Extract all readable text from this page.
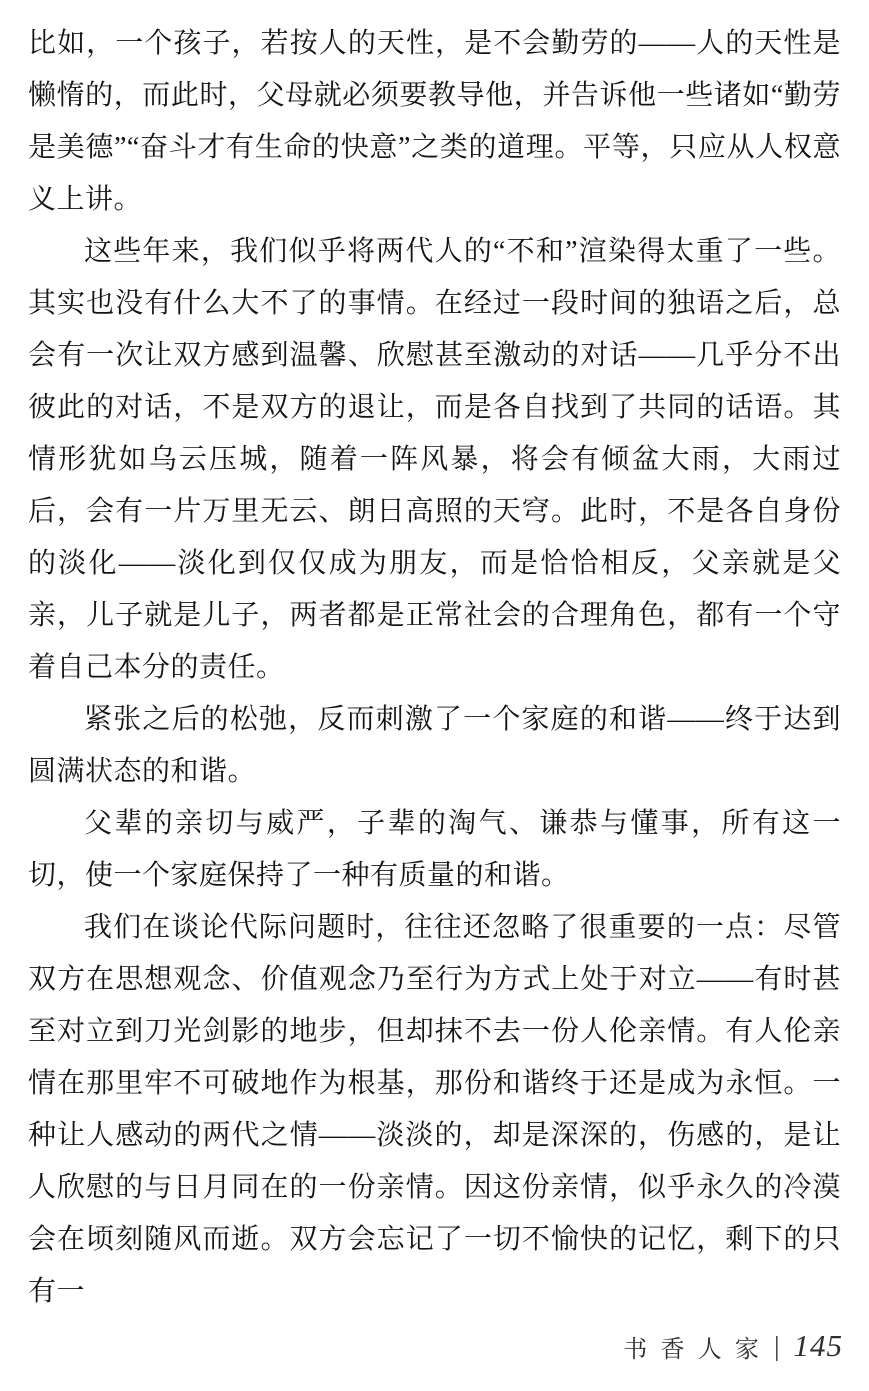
比如，一个孩子，若按人的天性，是不会勤劳的——人的天性是懒惰的，而此时，父母就必须要教导他，并告诉他一些诸如“勤劳是美德”“奋斗才有生命的快意”之类的道理。平等，只应从人权意义上讲。

这些年来，我们似乎将两代人的“不和”渲染得太重了一些。其实也没有什么大不了的事情。在经过一段时间的独语之后，总会有一次让双方感到温馨、欣慰甚至激动的对话——几乎分不出彼此的对话，不是双方的退让，而是各自找到了共同的话语。其情形犹如乌云压城，随着一阵风暴，将会有倾盆大雨，大雨过后，会有一片万里无云、朗日高照的天穹。此时，不是各自身份的淡化——淡化到仅仅成为朋友，而是恰恰相反，父亲就是父亲，儿子就是儿子，两者都是正常社会的合理角色，都有一个守着自己本分的责任。

紧张之后的松弛，反而刺激了一个家庭的和谐——终于达到圆满状态的和谐。

父辈的亲切与威严，子辈的淘气、谦恭与懂事，所有这一切，使一个家庭保持了一种有质量的和谐。

我们在谈论代际问题时，往往还忽略了很重要的一点：尽管双方在思想观念、价值观念乃至行为方式上处于对立——有时甚至对立到刀光剑影的地步，但却抹不去一份人伦亲情。有人伦亲情在那里牢不可破地作为根基，那份和谐终于还是成为永恒。一种让人感动的两代之情——淡淡的，却是深深的，伤感的，是让人欣慰的与日月同在的一份亲情。因这份亲情，似乎永久的冷漠会在顷刻随风而逝。双方会忘记了一切不愉快的记忆，剩下的只有一

书香人家 | 145
